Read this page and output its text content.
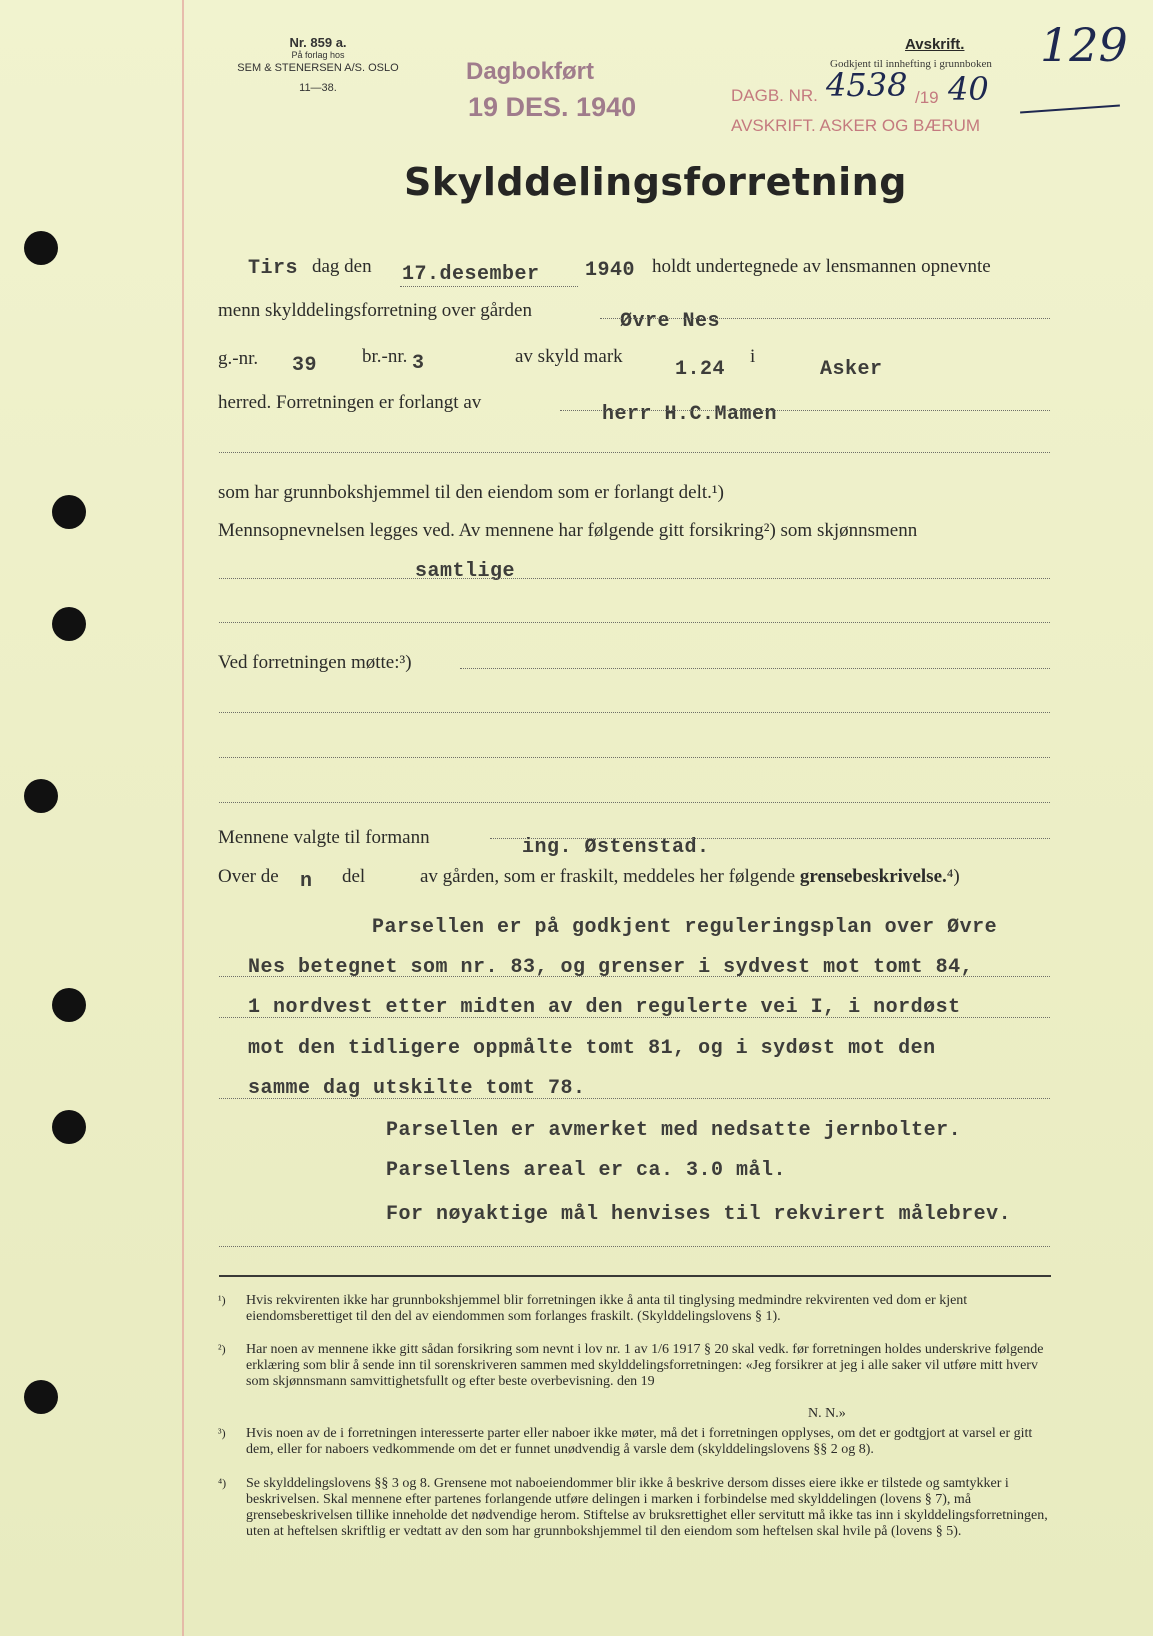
Nr. 859 a.
På forlag hos
SEM & STENERSEN A/S. OSLO
11—38.
Dagbokført
19 DES. 1940
Avskrift.
Godkjent til innhefting i grunnboken
DAGB. NR. 4538 /19 40
AVSKRIFT. ASKER OG BÆRUM
129
Skylddelingsforretning
Tirs dag den 17.desember 1940 holdt undertegnede av lensmannen opnevnte
menn skylddelingsforretning over gården	Øvre Nes
g.-nr. 39 br.-nr. 3	av skyld mark
1.24
i
Asker
herred. Forretningen er forlangt av
herr H.C.Mamen
som har grunnbokshjemmel til den eiendom som er forlangt delt.¹)
Mennsopnevnelsen legges ved. Av mennene har følgende gitt forsikring²) som skjønnsmenn
samtlige
Ved forretningen møtte:³)
Mennene valgte til formann	ing. Østenstad.
Over de n del	av gården, som er fraskilt, meddeles her følgende grensebeskrivelse.⁴)
Parsellen er på godkjent reguleringsplan over Øvre
Nes betegnet som nr. 83, og grenser i sydvest mot tomt 84,
1 nordvest etter midten av den regulerte vei I, i nordøst
mot den tidligere oppmålte tomt 81, og i sydøst mot den
samme dag utskilte tomt 78.
Parsellen er avmerket med nedsatte jernbolter.
Parsellens areal er ca. 3.0 mål.
For nøyaktige mål henvises til rekvirert målebrev.
¹) Hvis rekvirenten ikke har grunnbokshjemmel blir forretningen ikke å anta til tinglysing medmindre rekvirenten ved dom er kjent eiendomsberettiget til den del av eiendommen som forlanges fraskilt. (Skylddelingslovens § 1).
²) Har noen av mennene ikke gitt sådan forsikring som nevnt i lov nr. 1 av 1/6 1917 § 20 skal vedk. før forretningen holdes underskrive følgende erklæring som blir å sende inn til sorenskriveren sammen med skylddelingsforretningen: «Jeg forsikrer at jeg i alle saker vil utføre mitt hverv som skjønnsmann samvittighetsfullt og efter beste overbevisning. den 19
N. N.»
³) Hvis noen av de i forretningen interesserte parter eller naboer ikke møter, må det i forretningen opplyses, om det er godtgjort at varsel er gitt dem, eller for naboers vedkommende om det er funnet unødvendig å varsle dem (skylddelingslovens §§ 2 og 8).
⁴) Se skylddelingslovens §§ 3 og 8. Grensene mot naboeiendommer blir ikke å beskrive dersom disses eiere ikke er tilstede og samtykker i beskrivelsen. Skal mennene efter partenes forlangende utføre delingen i marken i forbindelse med skylddelingen (lovens § 7), må grensebeskrivelsen tillike inneholde det nødvendige herom. Stiftelse av bruksrettighet eller servitutt må ikke tas inn i skylddelingsforretningen, uten at heftelsen skriftlig er vedtatt av den som har grunnbokshjemmel til den eiendom som heftelsen skal hvile på (lovens § 5).
